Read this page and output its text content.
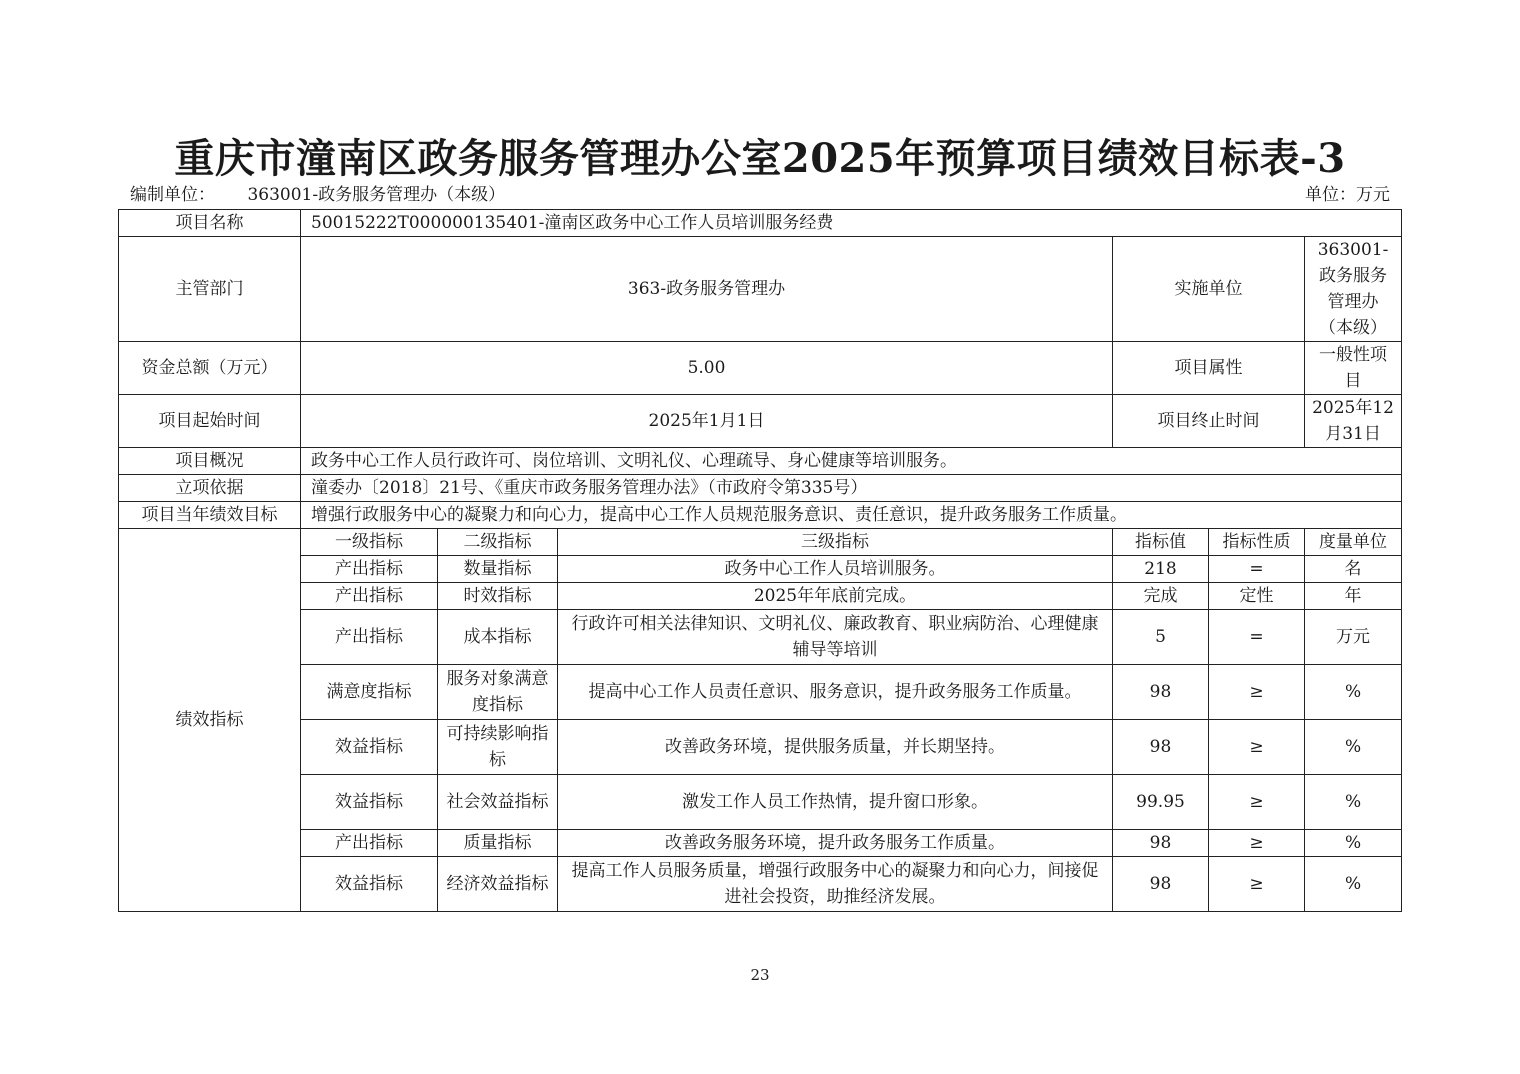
重庆市潼南区政务服务管理办公室2025年预算项目绩效目标表-3
编制单位： 363001-政务服务管理办（本级）	单位：万元
项目名称	50015222T000000135401-潼南区政务中心工作人员培训服务经费					
主管部门	363-政务服务管理办			实施单位		363001-政务服务管理办（本级）
资金总额（万元）	5.00			项目属性		一般性项目
项目起始时间	2025年1月1日			项目终止时间		2025年12月31日
项目概况	政务中心工作人员行政许可、岗位培训、文明礼仪、心理疏导、身心健康等培训服务。					
立项依据	潼委办〔2018〕21号、《重庆市政务服务管理办法》（市政府令第335号）					
项目当年绩效目标	增强行政服务中心的凝聚力和向心力，提高中心工作人员规范服务意识、责任意识，提升政务服务工作质量。					
绩效指标	一级指标	二级指标	三级指标	指标值	指标性质	度量单位
	产出指标	数量指标	政务中心工作人员培训服务。	218	=	名
	产出指标	时效指标	2025年年底前完成。	完成	定性	年
	产出指标	成本指标	行政许可相关法律知识、文明礼仪、廉政教育、职业病防治、心理健康辅导等培训	5	=	万元
	满意度指标	服务对象满意度指标	提高中心工作人员责任意识、服务意识，提升政务服务工作质量。	98	≥	%
	效益指标	可持续影响指标	改善政务环境，提供服务质量，并长期坚持。	98	≥	%
	效益指标	社会效益指标	激发工作人员工作热情，提升窗口形象。	99.95	≥	%
	产出指标	质量指标	改善政务服务环境，提升政务服务工作质量。	98	≥	%
	效益指标	经济效益指标	提高工作人员服务质量，增强行政服务中心的凝聚力和向心力，间接促进社会投资，助推经济发展。	98	≥	%
23
